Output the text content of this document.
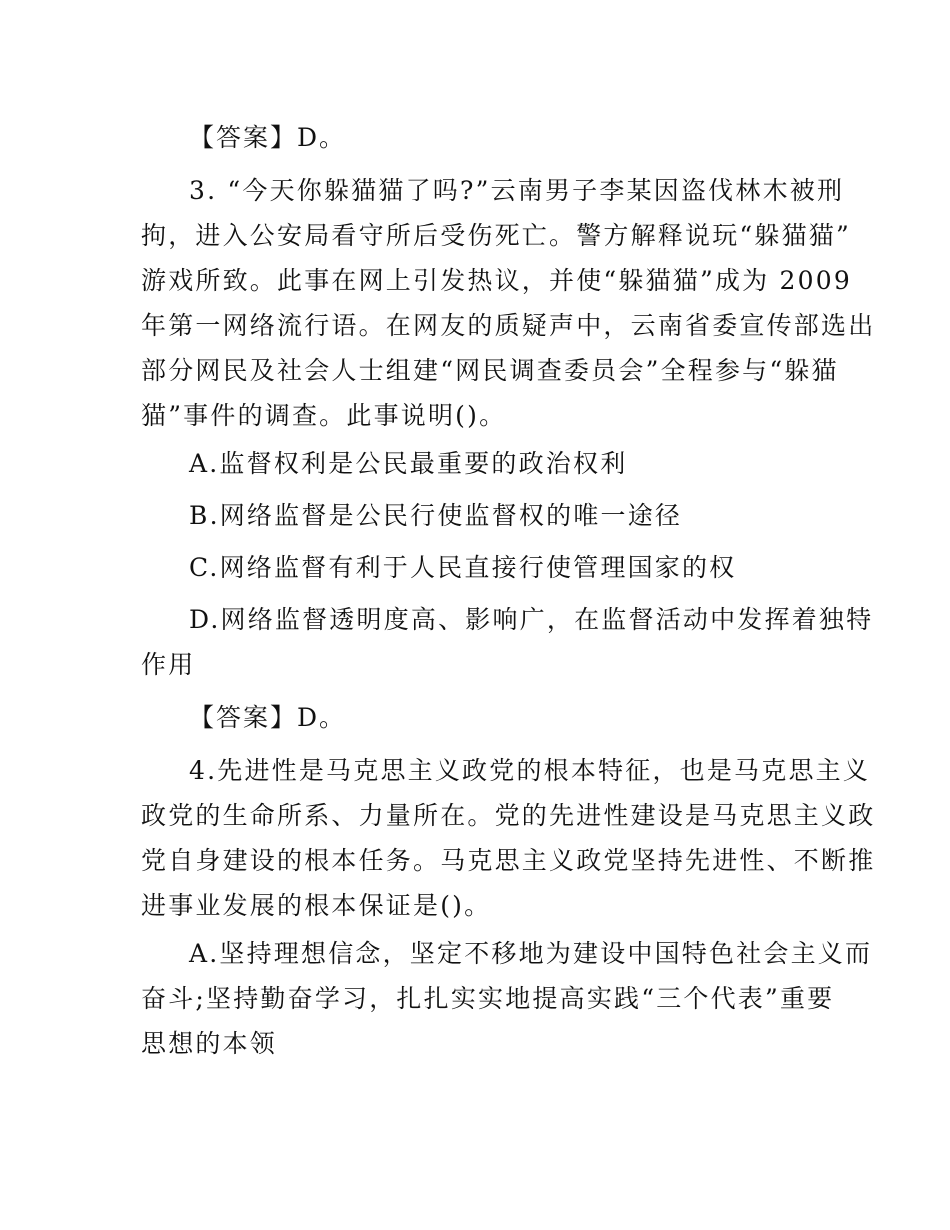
【答案】D。
3. “今天你躲猫猫了吗?”云南男子李某因盗伐林木被刑
拘，进入公安局看守所后受伤死亡。警方解释说玩“躲猫猫”
游戏所致。此事在网上引发热议，并使“躲猫猫”成为 2009
年第一网络流行语。在网友的质疑声中，云南省委宣传部选出
部分网民及社会人士组建“网民调查委员会”全程参与“躲猫
猫”事件的调查。此事说明()。
A.监督权利是公民最重要的政治权利
B.网络监督是公民行使监督权的唯一途径
C.网络监督有利于人民直接行使管理国家的权
D.网络监督透明度高、影响广，在监督活动中发挥着独特
作用
【答案】D。
4.先进性是马克思主义政党的根本特征，也是马克思主义
政党的生命所系、力量所在。党的先进性建设是马克思主义政
党自身建设的根本任务。马克思主义政党坚持先进性、不断推
进事业发展的根本保证是()。
A.坚持理想信念，坚定不移地为建设中国特色社会主义而
奋斗;坚持勤奋学习，扎扎实实地提高实践“三个代表”重要
思想的本领
